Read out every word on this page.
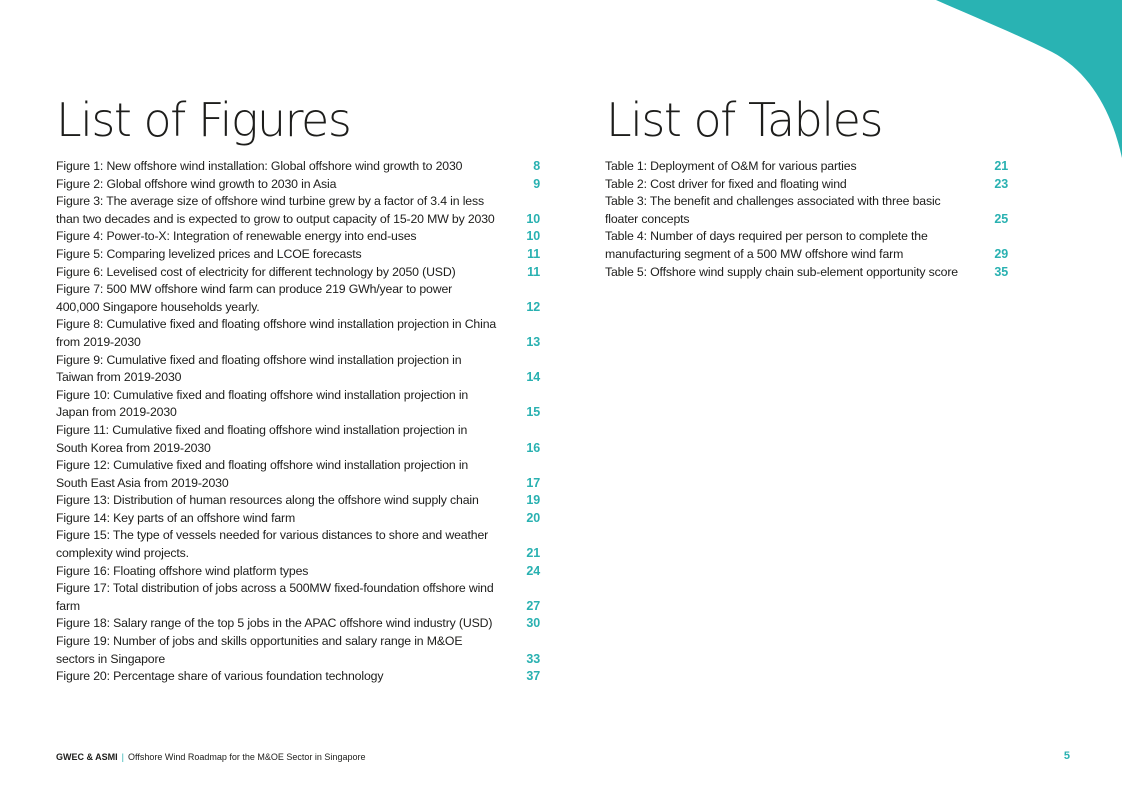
List of Figures
Figure 1: New offshore wind installation: Global offshore wind growth to 2030	8
Figure 2: Global offshore wind growth to 2030 in Asia	9
Figure 3: The average size of offshore wind turbine grew by a factor of 3.4 in less than two decades and is expected to grow to output capacity of 15-20 MW by 2030	10
Figure 4: Power-to-X: Integration of renewable energy into end-uses	10
Figure 5: Comparing levelized prices and LCOE forecasts	11
Figure 6: Levelised cost of electricity for different technology by 2050 (USD)	11
Figure 7: 500 MW offshore wind farm can produce 219 GWh/year to power 400,000 Singapore households yearly.	12
Figure 8: Cumulative fixed and floating offshore wind installation projection in China from 2019-2030	13
Figure 9: Cumulative fixed and floating offshore wind installation projection in Taiwan from 2019-2030	14
Figure 10: Cumulative fixed and floating offshore wind installation projection in Japan from 2019-2030	15
Figure 11: Cumulative fixed and floating offshore wind installation projection in South Korea from 2019-2030	16
Figure 12: Cumulative fixed and floating offshore wind installation projection in South East Asia from 2019-2030	17
Figure 13: Distribution of human resources along the offshore wind supply chain	19
Figure 14: Key parts of an offshore wind farm	20
Figure 15: The type of vessels needed for various distances to shore and weather complexity wind projects.	21
Figure 16: Floating offshore wind platform types	24
Figure 17: Total distribution of jobs across a 500MW fixed-foundation offshore wind farm	27
Figure 18: Salary range of the top 5 jobs in the APAC offshore wind industry (USD)	30
Figure 19: Number of jobs and skills opportunities and salary range in M&OE sectors in Singapore	33
Figure 20: Percentage share of various foundation technology	37
List of Tables
Table 1: Deployment of O&M for various parties	21
Table 2: Cost driver for fixed and floating wind	23
Table 3: The benefit and challenges associated with three basic floater concepts	25
Table 4: Number of days required per person to complete the manufacturing segment of a 500 MW offshore wind farm	29
Table 5: Offshore wind supply chain sub-element opportunity score	35
GWEC & ASMI | Offshore Wind Roadmap for the M&OE Sector in Singapore	5
